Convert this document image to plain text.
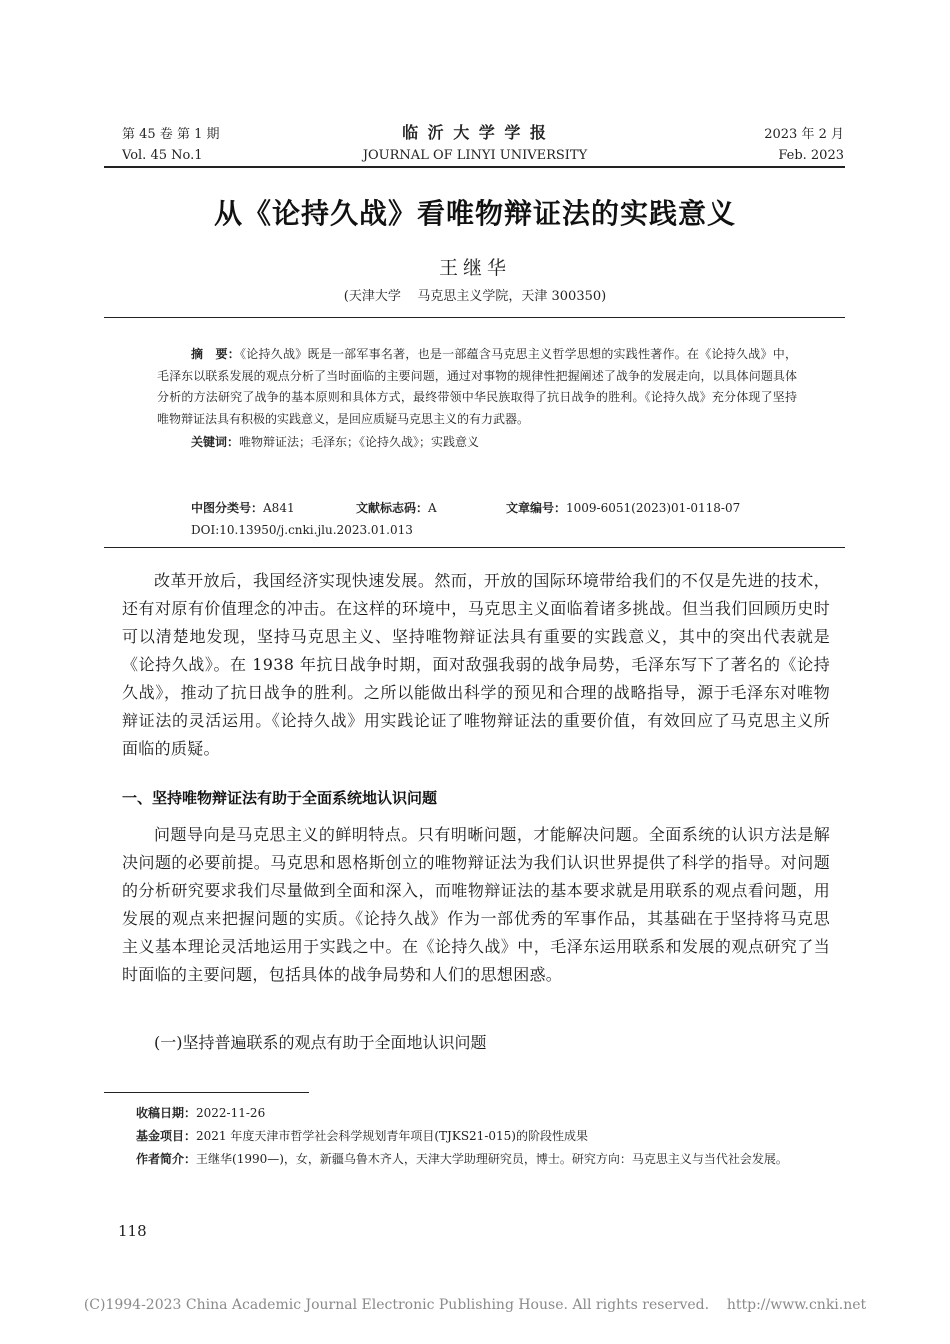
第 45 卷 第 1 期	临 沂 大 学 学 报	2023 年 2 月
Vol. 45 No.1	JOURNAL OF LINYI UNIVERSITY	Feb. 2023
从《论持久战》看唯物辩证法的实践意义
王继华
(天津大学    马克思主义学院，天津 300350)
摘　要：《论持久战》既是一部军事名著，也是一部蕴含马克思主义哲学思想的实践性著作。在《论持久战》中，毛泽东以联系发展的观点分析了当时面临的主要问题，通过对事物的规律性把握阐述了战争的发展走向，以具体问题具体分析的方法研究了战争的基本原则和具体方式，最终带领中华民族取得了抗日战争的胜利。《论持久战》充分体现了坚持唯物辩证法具有积极的实践意义，是回应质疑马克思主义的有力武器。
关键词：唯物辩证法；毛泽东；《论持久战》；实践意义
中图分类号：A841	文献标志码：A	文章编号：1009-6051(2023)01-0118-07
DOI:10.13950/j.cnki.jlu.2023.01.013

改革开放后，我国经济实现快速发展。然而，开放的国际环境带给我们的不仅是先进的技术，还有对原有价值理念的冲击。在这样的环境中，马克思主义面临着诸多挑战。但当我们回顾历史时可以清楚地发现，坚持马克思主义、坚持唯物辩证法具有重要的实践意义，其中的突出代表就是《论持久战》。在 1938 年抗日战争时期，面对敌强我弱的战争局势，毛泽东写下了著名的《论持久战》，推动了抗日战争的胜利。之所以能做出科学的预见和合理的战略指导，源于毛泽东对唯物辩证法的灵活运用。《论持久战》用实践论证了唯物辩证法的重要价值，有效回应了马克思主义所面临的质疑。

一、坚持唯物辩证法有助于全面系统地认识问题

问题导向是马克思主义的鲜明特点。只有明晰问题，才能解决问题。全面系统的认识方法是解决问题的必要前提。马克思和恩格斯创立的唯物辩证法为我们认识世界提供了科学的指导。对问题的分析研究要求我们尽量做到全面和深入，而唯物辩证法的基本要求就是用联系的观点看问题，用发展的观点来把握问题的实质。《论持久战》作为一部优秀的军事作品，其基础在于坚持将马克思主义基本理论灵活地运用于实践之中。在《论持久战》中，毛泽东运用联系和发展的观点研究了当时面临的主要问题，包括具体的战争局势和人们的思想困惑。

(一)坚持普遍联系的观点有助于全面地认识问题
收稿日期：2022-11-26
基金项目：2021 年度天津市哲学社会科学规划青年项目(TJKS21-015)的阶段性成果
作者简介：王继华(1990—)，女，新疆乌鲁木齐人，天津大学助理研究员，博士。研究方向：马克思主义与当代社会发展。
118
(C)1994-2023 China Academic Journal Electronic Publishing House. All rights reserved.    http://www.cnki.net
